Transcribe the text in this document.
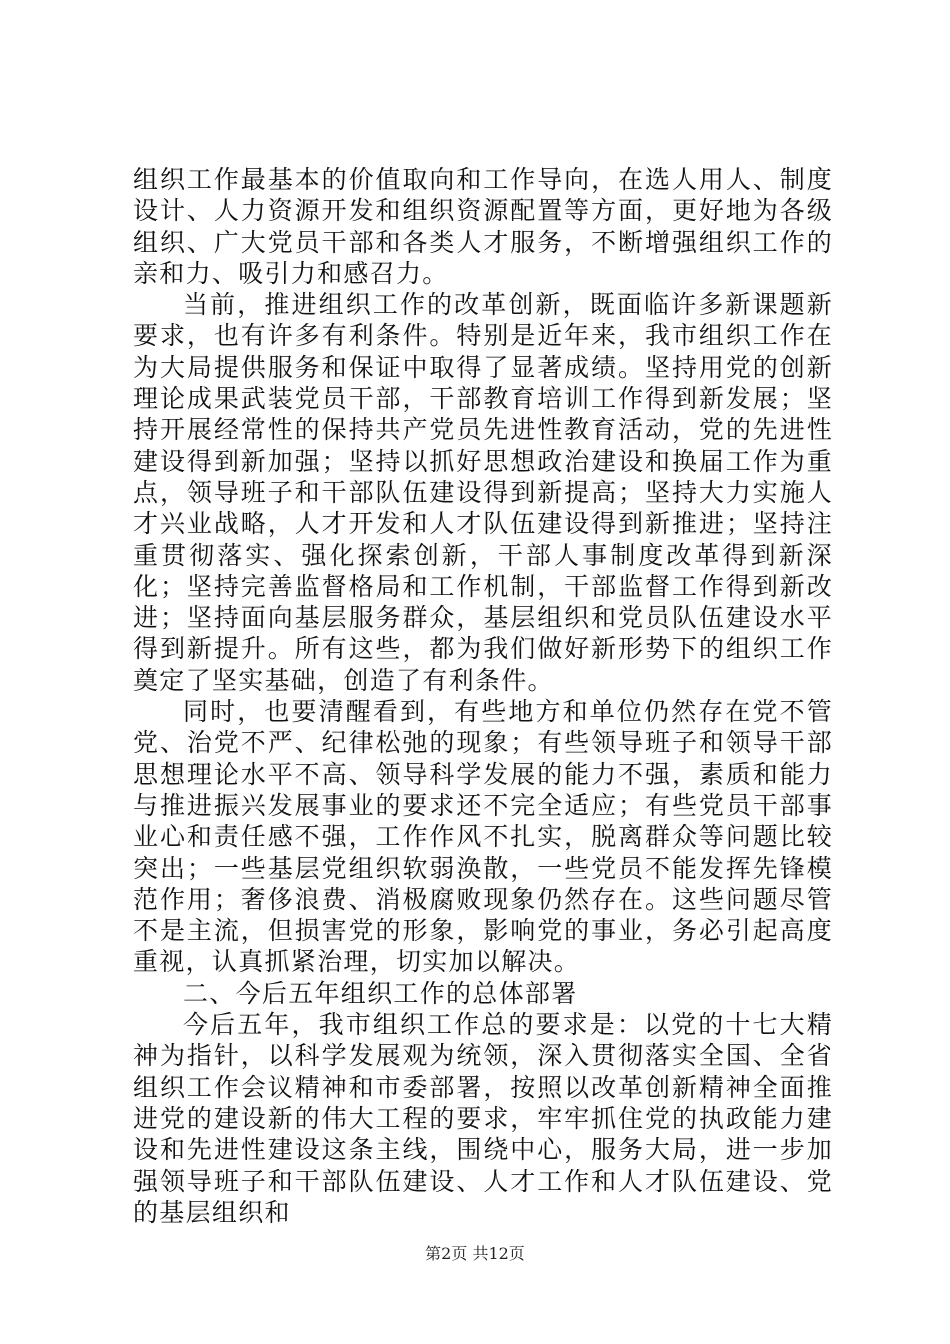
组织工作最基本的价值取向和工作导向，在选人用人、制度设计、人力资源开发和组织资源配置等方面，更好地为各级组织、广大党员干部和各类人才服务，不断增强组织工作的亲和力、吸引力和感召力。

当前，推进组织工作的改革创新，既面临许多新课题新要求，也有许多有利条件。特别是近年来，我市组织工作在为大局提供服务和保证中取得了显著成绩。坚持用党的创新理论成果武装党员干部，干部教育培训工作得到新发展；坚持开展经常性的保持共产党员先进性教育活动，党的先进性建设得到新加强；坚持以抓好思想政治建设和换届工作为重点，领导班子和干部队伍建设得到新提高；坚持大力实施人才兴业战略，人才开发和人才队伍建设得到新推进；坚持注重贯彻落实、强化探索创新，干部人事制度改革得到新深化；坚持完善监督格局和工作机制，干部监督工作得到新改进；坚持面向基层服务群众，基层组织和党员队伍建设水平得到新提升。所有这些，都为我们做好新形势下的组织工作奠定了坚实基础，创造了有利条件。

同时，也要清醒看到，有些地方和单位仍然存在党不管党、治党不严、纪律松弛的现象；有些领导班子和领导干部思想理论水平不高、领导科学发展的能力不强，素质和能力与推进振兴发展事业的要求还不完全适应；有些党员干部事业心和责任感不强，工作作风不扎实，脱离群众等问题比较突出；一些基层党组织软弱涣散，一些党员不能发挥先锋模范作用；奢侈浪费、消极腐败现象仍然存在。这些问题尽管不是主流，但损害党的形象，影响党的事业，务必引起高度重视，认真抓紧治理，切实加以解决。

二、今后五年组织工作的总体部署

今后五年，我市组织工作总的要求是：以党的十七大精神为指针，以科学发展观为统领，深入贯彻落实全国、全省组织工作会议精神和市委部署，按照以改革创新精神全面推进党的建设新的伟大工程的要求，牢牢抓住党的执政能力建设和先进性建设这条主线，围绕中心，服务大局，进一步加强领导班子和干部队伍建设、人才工作和人才队伍建设、党的基层组织和

第2页 共12页
